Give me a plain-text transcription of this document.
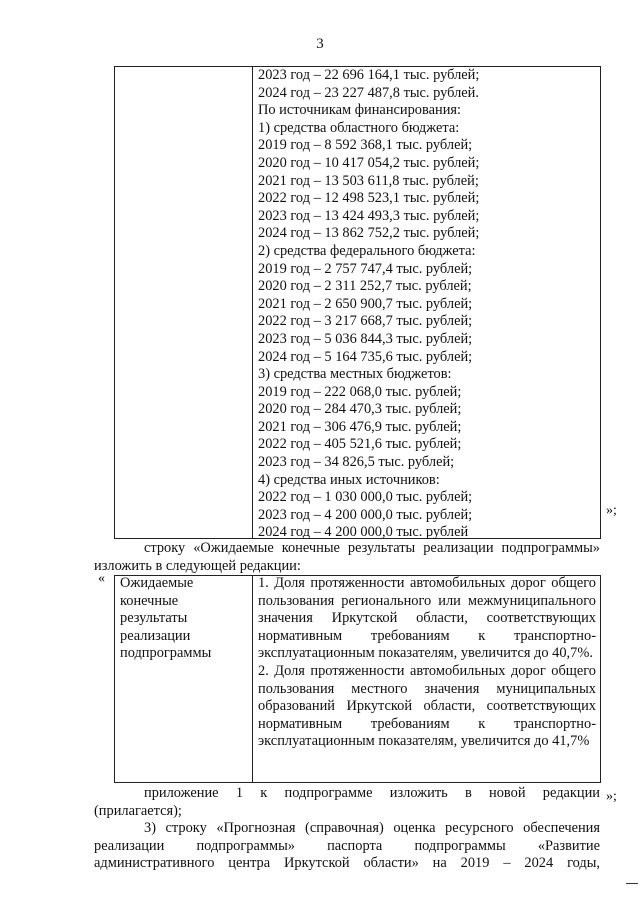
3
2023 год – 22 696 164,1 тыс. рублей;
2024 год – 23 227 487,8 тыс. рублей.
По источникам финансирования:
1) средства областного бюджета:
2019 год – 8 592 368,1 тыс. рублей;
2020 год – 10 417 054,2 тыс. рублей;
2021 год – 13 503 611,8 тыс. рублей;
2022 год – 12 498 523,1 тыс. рублей;
2023 год – 13 424 493,3 тыс. рублей;
2024 год – 13 862 752,2 тыс. рублей;
2) средства федерального бюджета:
2019 год – 2 757 747,4 тыс. рублей;
2020 год – 2 311 252,7 тыс. рублей;
2021 год – 2 650 900,7 тыс. рублей;
2022 год – 3 217 668,7 тыс. рублей;
2023 год – 5 036 844,3 тыс. рублей;
2024 год – 5 164 735,6 тыс. рублей;
3) средства местных бюджетов:
2019 год – 222 068,0 тыс. рублей;
2020 год – 284 470,3 тыс. рублей;
2021 год – 306 476,9 тыс. рублей;
2022 год – 405 521,6 тыс. рублей;
2023 год – 34 826,5 тыс. рублей;
4) средства иных источников:
2022 год – 1 030 000,0 тыс. рублей;
2023 год – 4 200 000,0 тыс. рублей;
2024 год – 4 200 000,0 тыс. рублей
»;
строку «Ожидаемые конечные результаты реализации подпрограммы» изложить в следующей редакции:
« Ожидаемые конечные результаты реализации подпрограммы

1. Доля протяженности автомобильных дорог общего пользования регионального или межмуниципального значения Иркутской области, соответствующих нормативным требованиям к транспортно-эксплуатационным показателям, увеличится до 40,7%.

2. Доля протяженности автомобильных дорог общего пользования местного значения муниципальных образований Иркутской области, соответствующих нормативным требованиям к транспортно-эксплуатационным показателям, увеличится до 41,7%

»;
приложение 1 к подпрограмме изложить в новой редакции
(прилагается);
3) строку «Прогнозная (справочная) оценка ресурсного обеспечения
реализации подпрограммы» паспорта подпрограммы «Развитие
административного центра Иркутской области» на 2019 – 2024 годы,
